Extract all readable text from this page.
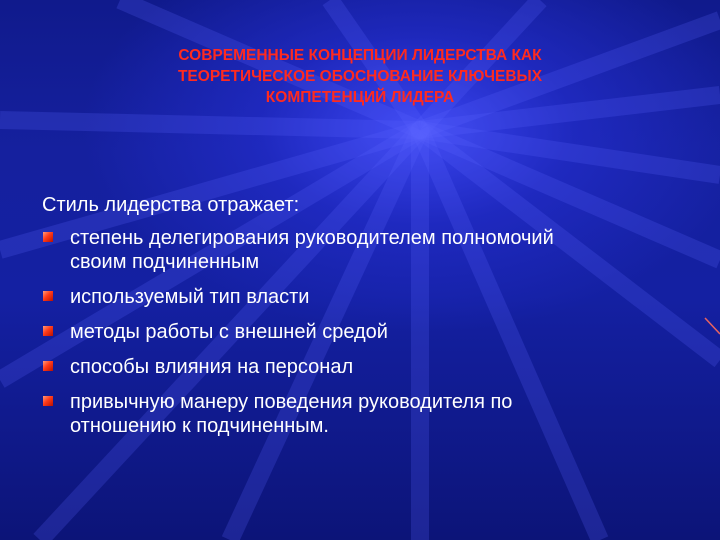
СОВРЕМЕННЫЕ КОНЦЕПЦИИ ЛИДЕРСТВА КАК
ТЕОРЕТИЧЕСКОЕ ОБОСНОВАНИЕ КЛЮЧЕВЫХ
КОМПЕТЕНЦИЙ ЛИДЕРА
Стиль лидерства отражает:
степень делегирования руководителем полномочий
своим подчиненным
используемый тип власти
методы работы с внешней средой
способы влияния на персонал
привычную манеру поведения руководителя по
отношению к подчиненным.
